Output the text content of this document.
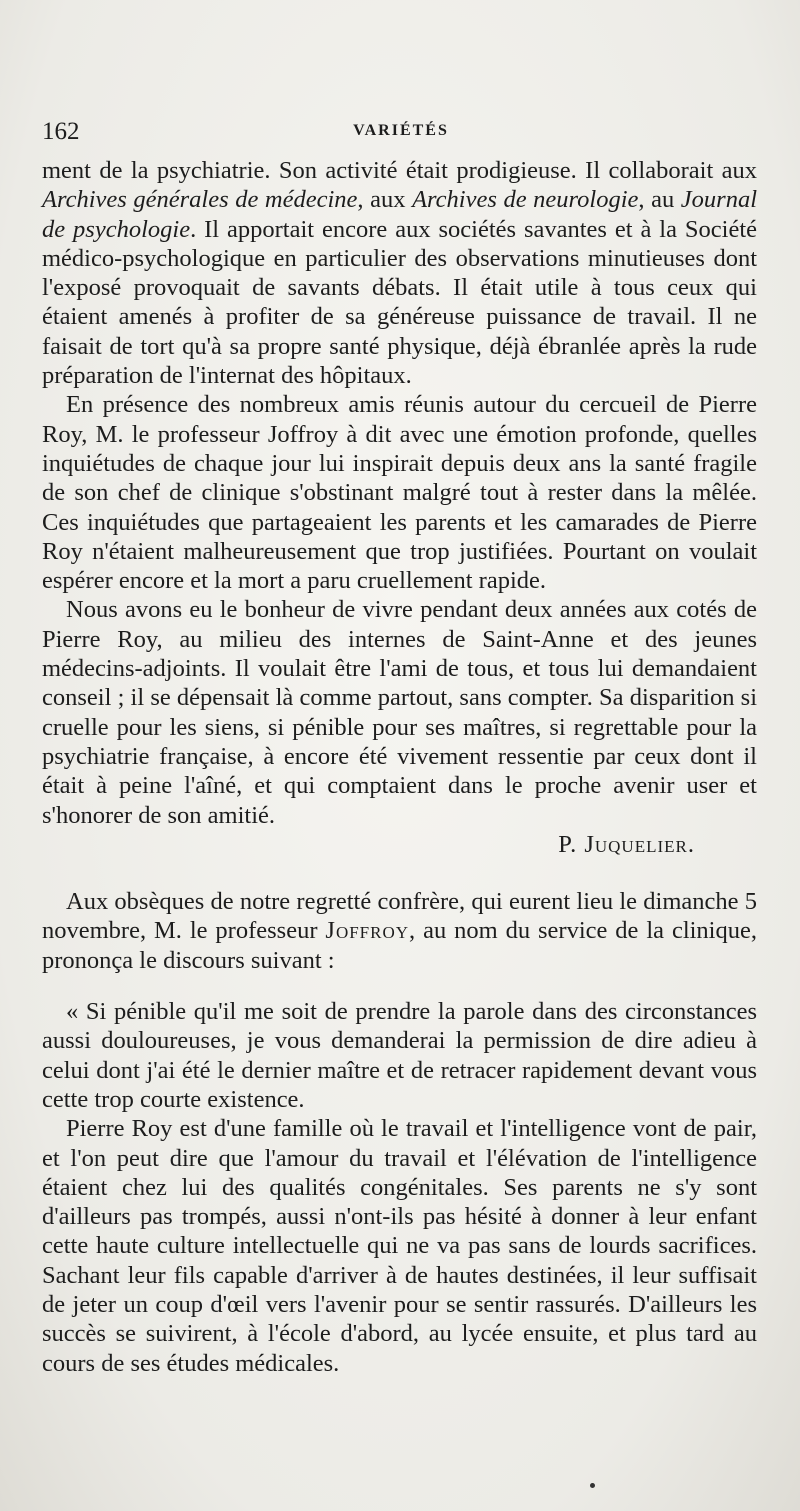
162	VARIÉTÉS

ment de la psychiatrie. Son activité était prodigieuse. Il collaborait aux Archives générales de médecine, aux Archives de neurologie, au Journal de psychologie. Il apportait encore aux sociétés savantes et à la Société médico-psychologique en particulier des observations minutieuses dont l'exposé provoquait de savants débats. Il était utile à tous ceux qui étaient amenés à profiter de sa généreuse puissance de travail. Il ne faisait de tort qu'à sa propre santé physique, déjà ébranlée après la rude préparation de l'internat des hôpitaux.

En présence des nombreux amis réunis autour du cercueil de Pierre Roy, M. le professeur Joffroy à dit avec une émotion profonde, quelles inquiétudes de chaque jour lui inspirait depuis deux ans la santé fragile de son chef de clinique s'obstinant malgré tout à rester dans la mêlée. Ces inquiétudes que partageaient les parents et les camarades de Pierre Roy n'étaient malheureusement que trop justifiées. Pourtant on voulait espérer encore et la mort a paru cruellement rapide.

Nous avons eu le bonheur de vivre pendant deux années aux cotés de Pierre Roy, au milieu des internes de Saint-Anne et des jeunes médecins-adjoints. Il voulait être l'ami de tous, et tous lui demandaient conseil ; il se dépensait là comme partout, sans compter. Sa disparition si cruelle pour les siens, si pénible pour ses maîtres, si regrettable pour la psychiatrie française, à encore été vivement ressentie par ceux dont il était à peine l'aîné, et qui comptaient dans le proche avenir user et s'honorer de son amitié.

P. Juquelier.

Aux obsèques de notre regretté confrère, qui eurent lieu le dimanche 5 novembre, M. le professeur Joffroy, au nom du service de la clinique, prononça le discours suivant :

« Si pénible qu'il me soit de prendre la parole dans des circonstances aussi douloureuses, je vous demanderai la permission de dire adieu à celui dont j'ai été le dernier maître et de retracer rapidement devant vous cette trop courte existence.

Pierre Roy est d'une famille où le travail et l'intelligence vont de pair, et l'on peut dire que l'amour du travail et l'élévation de l'intelligence étaient chez lui des qualités congénitales. Ses parents ne s'y sont d'ailleurs pas trompés, aussi n'ont-ils pas hésité à donner à leur enfant cette haute culture intellectuelle qui ne va pas sans de lourds sacrifices. Sachant leur fils capable d'arriver à de hautes destinées, il leur suffisait de jeter un coup d'œil vers l'avenir pour se sentir rassurés. D'ailleurs les succès se suivirent, à l'école d'abord, au lycée ensuite, et plus tard au cours de ses études médicales.
